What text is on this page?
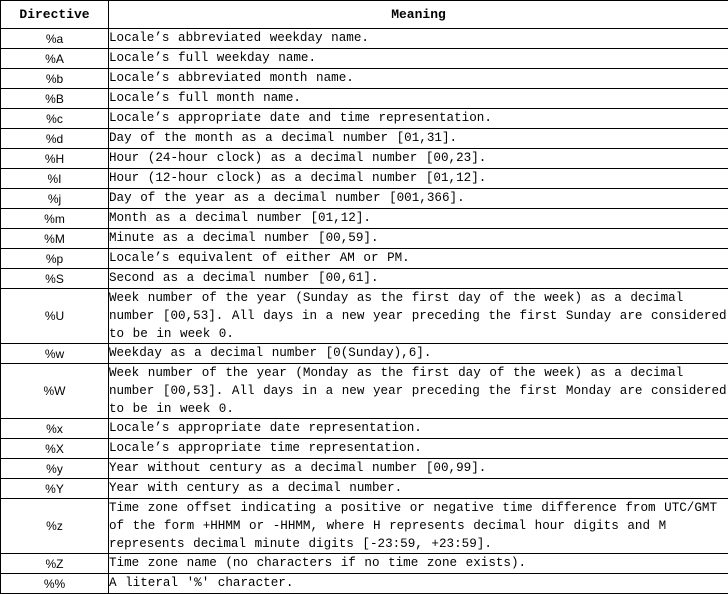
Directive	Meaning
%a	Locale’s abbreviated weekday name.
%A	Locale’s full weekday name.
%b	Locale’s abbreviated month name.
%B	Locale’s full month name.
%c	Locale’s appropriate date and time representation.
%d	Day of the month as a decimal number [01,31].
%H	Hour (24-hour clock) as a decimal number [00,23].
%I	Hour (12-hour clock) as a decimal number [01,12].
%j	Day of the year as a decimal number [001,366].
%m	Month as a decimal number [01,12].
%M	Minute as a decimal number [00,59].
%p	Locale’s equivalent of either AM or PM.
%S	Second as a decimal number [00,61].
%U	Week number of the year (Sunday as the first day of the week) as a decimal number [00,53]. All days in a new year preceding the first Sunday are considered to be in week 0.
%w	Weekday as a decimal number [0(Sunday),6].
%W	Week number of the year (Monday as the first day of the week) as a decimal number [00,53]. All days in a new year preceding the first Monday are considered to be in week 0.
%x	Locale’s appropriate date representation.
%X	Locale’s appropriate time representation.
%y	Year without century as a decimal number [00,99].
%Y	Year with century as a decimal number.
%z	Time zone offset indicating a positive or negative time difference from UTC/GMT of the form +HHMM or -HHMM, where H represents decimal hour digits and M represents decimal minute digits [-23:59, +23:59].
%Z	Time zone name (no characters if no time zone exists).
%%	A literal '%' character.
